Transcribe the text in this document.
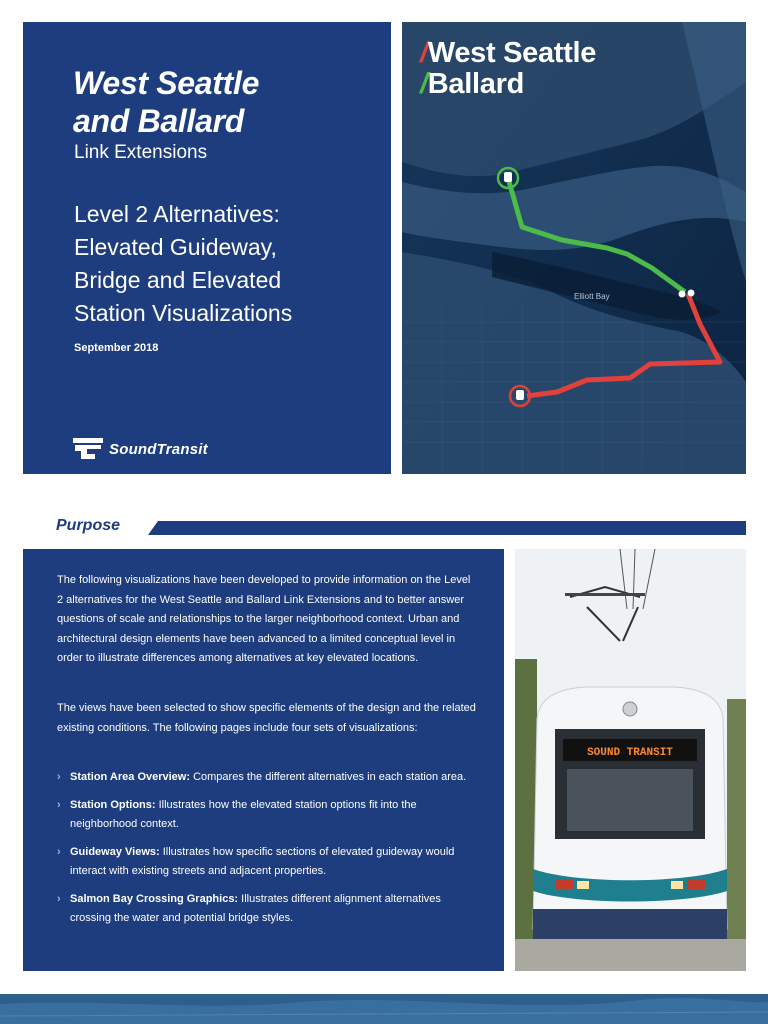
West Seattle
and Ballard
Link Extensions
Level 2 Alternatives:
Elevated Guideway,
Bridge and Elevated
Station Visualizations
September 2018
SoundTransit
/West Seattle
/Ballard
Elliott Bay
Purpose
The following visualizations have been developed to provide information on the Level 2 alternatives for the West Seattle and Ballard Link Extensions and to better answer questions of scale and relationships to the larger neighborhood context. Urban and architectural design elements have been advanced to a limited conceptual level in order to illustrate differences among alternatives at key elevated locations.
The views have been selected to show specific elements of the design and the related existing conditions. The following pages include four sets of visualizations:
› Station Area Overview: Compares the different alternatives in each station area.
› Station Options: Illustrates how the elevated station options fit into the neighborhood context.
› Guideway Views: Illustrates how specific sections of elevated guideway would interact with existing streets and adjacent properties.
› Salmon Bay Crossing Graphics: Illustrates different alignment alternatives crossing the water and potential bridge styles.
SOUND TRANSIT
